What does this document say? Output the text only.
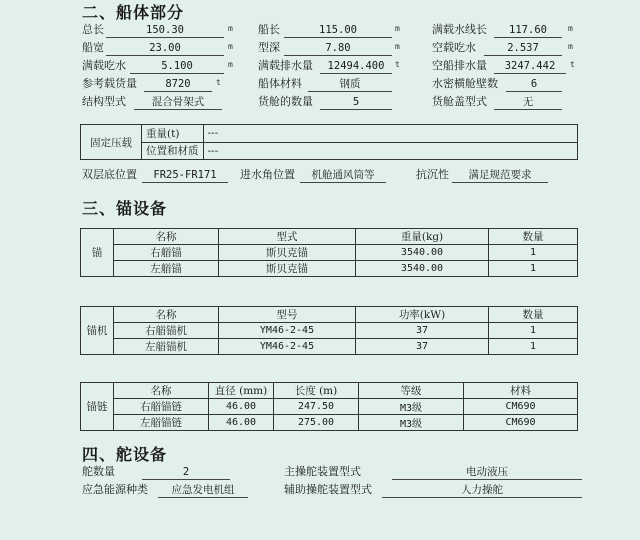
二、船体部分
总长	150.30	m 船长	115.00	m	满载水线长	117.60	m
船宽	23.00	m 型深	7.80	m	空载吃水	2.537	m
满载吃水	5.100	m 满载排水量	12494.400	t	空船排水量	3247.442	t
参考载货量	8720	t	船体材料	钢质	水密横舱壁数	6
结构型式	混合骨架式	货舱的数量	5	货舱盖型式	无
固定压载	重量(t)	---
	位置和材质	---
双层底位置	FR25-FR171	进水角位置	机舱通风筒等	抗沉性	满足规范要求
三、锚设备
锚	名称	型式	重量(kg)	数量
	右艏锚	斯贝克锚	3540.00	1
	左艏锚	斯贝克锚	3540.00	1
锚机	名称	型号	功率(kW)	数量
	右艏锚机	YM46-2-45	37	1
	左艏锚机	YM46-2-45	37	1
锚链	名称	直径 (mm)	长度 (m)	等级	材料
	右艏锚链	46.00	247.50	M3级	CM690
	左艏锚链	46.00	275.00	M3级	CM690
四、舵设备
舵数量	2	主操舵装置型式	电动液压
应急能源种类	应急发电机组	辅助操舵装置型式	人力操舵
